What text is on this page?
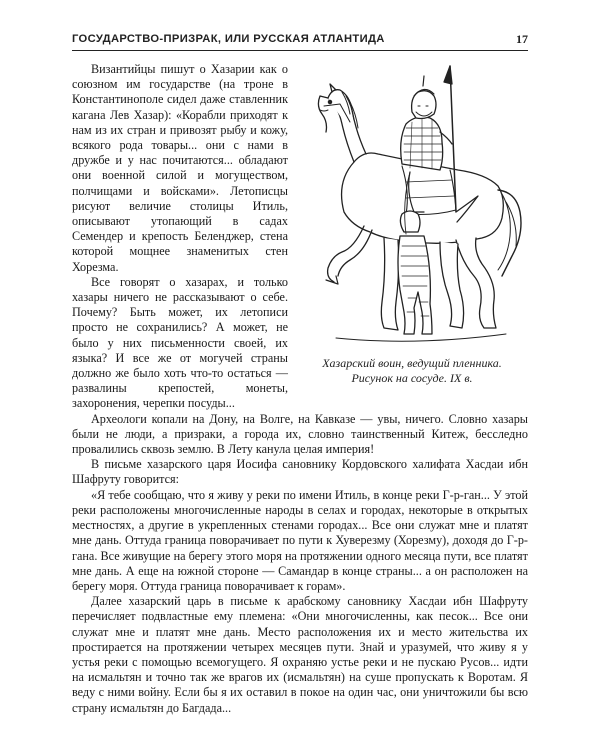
ГОСУДАРСТВО-ПРИЗРАК, ИЛИ РУССКАЯ АТЛАНТИДА	17
Хазарский воин, ведущий пленника.
Рисунок на сосуде. IX в.

Византийцы пишут о Хазарии как о союзном им государстве (на троне в Константинополе сидел даже ставленник кагана Лев Хазар): «Корабли приходят к нам из их стран и привозят рыбу и кожу, всякого рода товары... они с нами в дружбе и у нас почитаются... обладают они военной силой и могуществом, полчищами и войсками». Летописцы рисуют величие столицы Итиль, описывают утопающий в садах Семендер и крепость Беленджер, стена которой мощнее знаменитых стен Хорезма.

Все говорят о хазарах, и только хазары ничего не рассказывают о себе. Почему? Быть может, их летописи просто не сохранились? А может, не было у них письменности своей, их языка? И все же от могучей страны должно же было хоть что-то остаться — развалины крепостей, монеты, захоронения, черепки посуды...

Археологи копали на Дону, на Волге, на Кавказе — увы, ничего. Словно хазары были не люди, а призраки, а города их, словно таинственный Китеж, бесследно провалились сквозь землю. В Лету канула целая империя!

В письме хазарского царя Иосифа сановнику Кордовского халифата Хасдаи ибн Шафруту говорится:

«Я тебе сообщаю, что я живу у реки по имени Итиль, в конце реки Г-р-ган... У этой реки расположены многочисленные народы в селах и городах, некоторые в открытых местностях, а другие в укрепленных стенами городах... Все они служат мне и платят мне дань. Оттуда граница поворачивает по пути к Хуверезму (Хорезму), доходя до Г-р-гана. Все живущие на берегу этого моря на протяжении одного месяца пути, все платят мне дань. А еще на южной стороне — Самандар в конце страны... а он расположен на берегу моря. Оттуда граница поворачивает к горам».

Далее хазарский царь в письме к арабскому сановнику Хасдаи ибн Шафруту перечисляет подвластные ему племена: «Они многочисленны, как песок... Все они служат мне и платят мне дань. Место расположения их и место жительства их простирается на протяжении четырех месяцев пути. Знай и уразумей, что живу я у устья реки с помощью всемогущего. Я охраняю устье реки и не пускаю Русов... идти на исмальтян и точно так же врагов их (исмальтян) на суше пропускать к Воротам. Я веду с ними войну. Если бы я их оставил в покое на один час, они уничтожили бы всю страну исмальтян до Багдада...
